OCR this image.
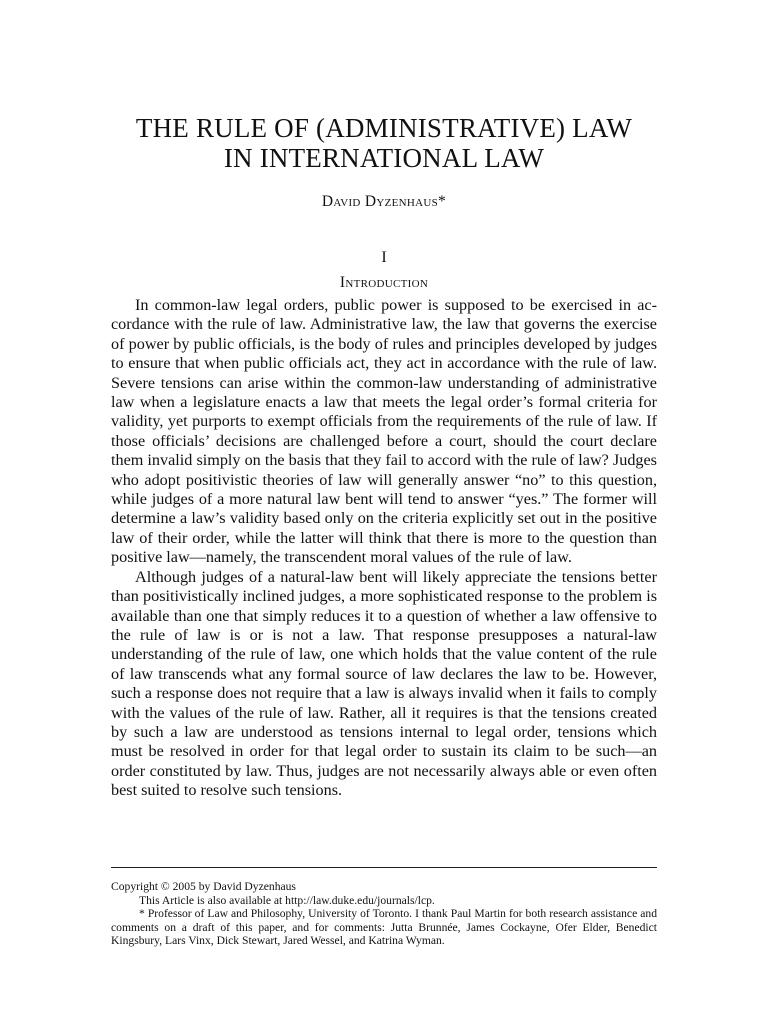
THE RULE OF (ADMINISTRATIVE) LAW
IN INTERNATIONAL LAW
David Dyzenhaus*
I
Introduction

In common-law legal orders, public power is supposed to be exercised in accordance with the rule of law. Administrative law, the law that governs the exercise of power by public officials, is the body of rules and principles developed by judges to ensure that when public officials act, they act in accordance with the rule of law. Severe tensions can arise within the common-law understanding of administrative law when a legislature enacts a law that meets the legal order’s formal criteria for validity, yet purports to exempt officials from the requirements of the rule of law. If those officials’ decisions are challenged before a court, should the court declare them invalid simply on the basis that they fail to accord with the rule of law? Judges who adopt positivistic theories of law will generally answer “no” to this question, while judges of a more natural law bent will tend to answer “yes.” The former will determine a law’s validity based only on the criteria explicitly set out in the positive law of their order, while the latter will think that there is more to the question than positive law—namely, the transcendent moral values of the rule of law.

Although judges of a natural-law bent will likely appreciate the tensions better than positivistically inclined judges, a more sophisticated response to the problem is available than one that simply reduces it to a question of whether a law offensive to the rule of law is or is not a law. That response presupposes a natural-law understanding of the rule of law, one which holds that the value content of the rule of law transcends what any formal source of law declares the law to be. However, such a response does not require that a law is always invalid when it fails to comply with the values of the rule of law. Rather, all it requires is that the tensions created by such a law are understood as tensions internal to legal order, tensions which must be resolved in order for that legal order to sustain its claim to be such—an order constituted by law. Thus, judges are not necessarily always able or even often best suited to resolve such tensions.

Copyright © 2005 by David Dyzenhaus

This Article is also available at http://law.duke.edu/journals/lcp.

* Professor of Law and Philosophy, University of Toronto. I thank Paul Martin for both research assistance and comments on a draft of this paper, and for comments: Jutta Brunnée, James Cockayne, Ofer Elder, Benedict Kingsbury, Lars Vinx, Dick Stewart, Jared Wessel, and Katrina Wyman.
